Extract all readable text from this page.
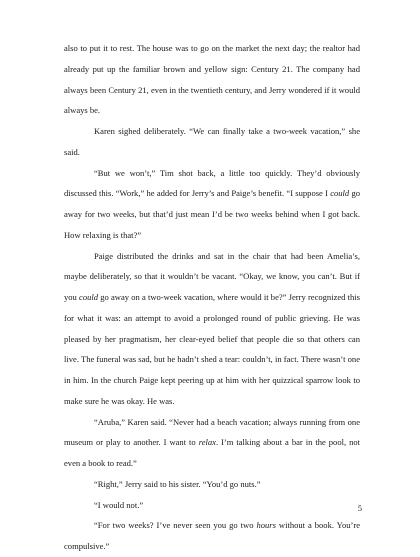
also to put it to rest. The house was to go on the market the next day; the realtor had already put up the familiar brown and yellow sign: Century 21. The company had always been Century 21, even in the twentieth century, and Jerry wondered if it would always be.

Karen sighed deliberately. “We can finally take a two-week vacation,” she said.

“But we won’t,” Tim shot back, a little too quickly. They’d obviously discussed this. “Work,” he added for Jerry’s and Paige’s benefit. “I suppose I could go away for two weeks, but that’d just mean I’d be two weeks behind when I got back. How relaxing is that?”

Paige distributed the drinks and sat in the chair that had been Amelia’s, maybe deliberately, so that it wouldn’t be vacant. “Okay, we know, you can’t. But if you could go away on a two-week vacation, where would it be?” Jerry recognized this for what it was: an attempt to avoid a prolonged round of public grieving. He was pleased by her pragmatism, her clear-eyed belief that people die so that others can live. The funeral was sad, but he hadn’t shed a tear: couldn’t, in fact. There wasn’t one in him. In the church Paige kept peering up at him with her quizzical sparrow look to make sure he was okay. He was.

“Aruba,” Karen said. “Never had a beach vacation; always running from one museum or play to another. I want to relax. I’m talking about a bar in the pool, not even a book to read.”

“Right,” Jerry said to his sister. “You’d go nuts.”

“I would not.”

“For two weeks? I’ve never seen you go two hours without a book. You’re compulsive.”

5
